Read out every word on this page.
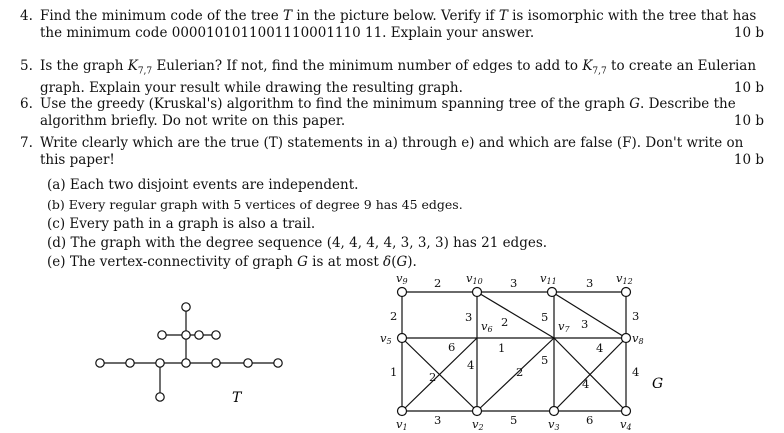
4. Find the minimum code of the tree T in the picture below. Verify if T is isomorphic with the tree that has the minimum code 0000101011001110001110 11. Explain your answer.	10 b
5. Is the graph $K_{7,7}$ Eulerian? If not, find the minimum number of edges to add to $K_{7,7}$ to create an Eulerian graph. Explain your result while drawing the resulting graph.	10 b
6. Use the greedy (Kruskal's) algorithm to find the minimum spanning tree of the graph G. Describe the algorithm briefly. Do not write on this paper.	10 b
7. Write clearly which are the true (T) statements in a) through e) and which are false (F). Don't write on this paper!	10 b
(a) Each two disjoint events are independent.
(b) Every regular graph with 5 vertices of degree 9 has 45 edges.
(c) Every path in a graph is also a trail.
(d) The graph with the degree sequence (4, 4, 4, 4, 3, 3, 3) has 21 edges.
(e) The vertex-connectivity of graph G is at most δ(G).
T
v9	v10	v11	v12
v5
v6	v7
v8
v1	v2	v3	v4
2	3	3
2	3 2	5	3
3
6
4
1
1	2	2
5
4
4
4
3	5	6
G
